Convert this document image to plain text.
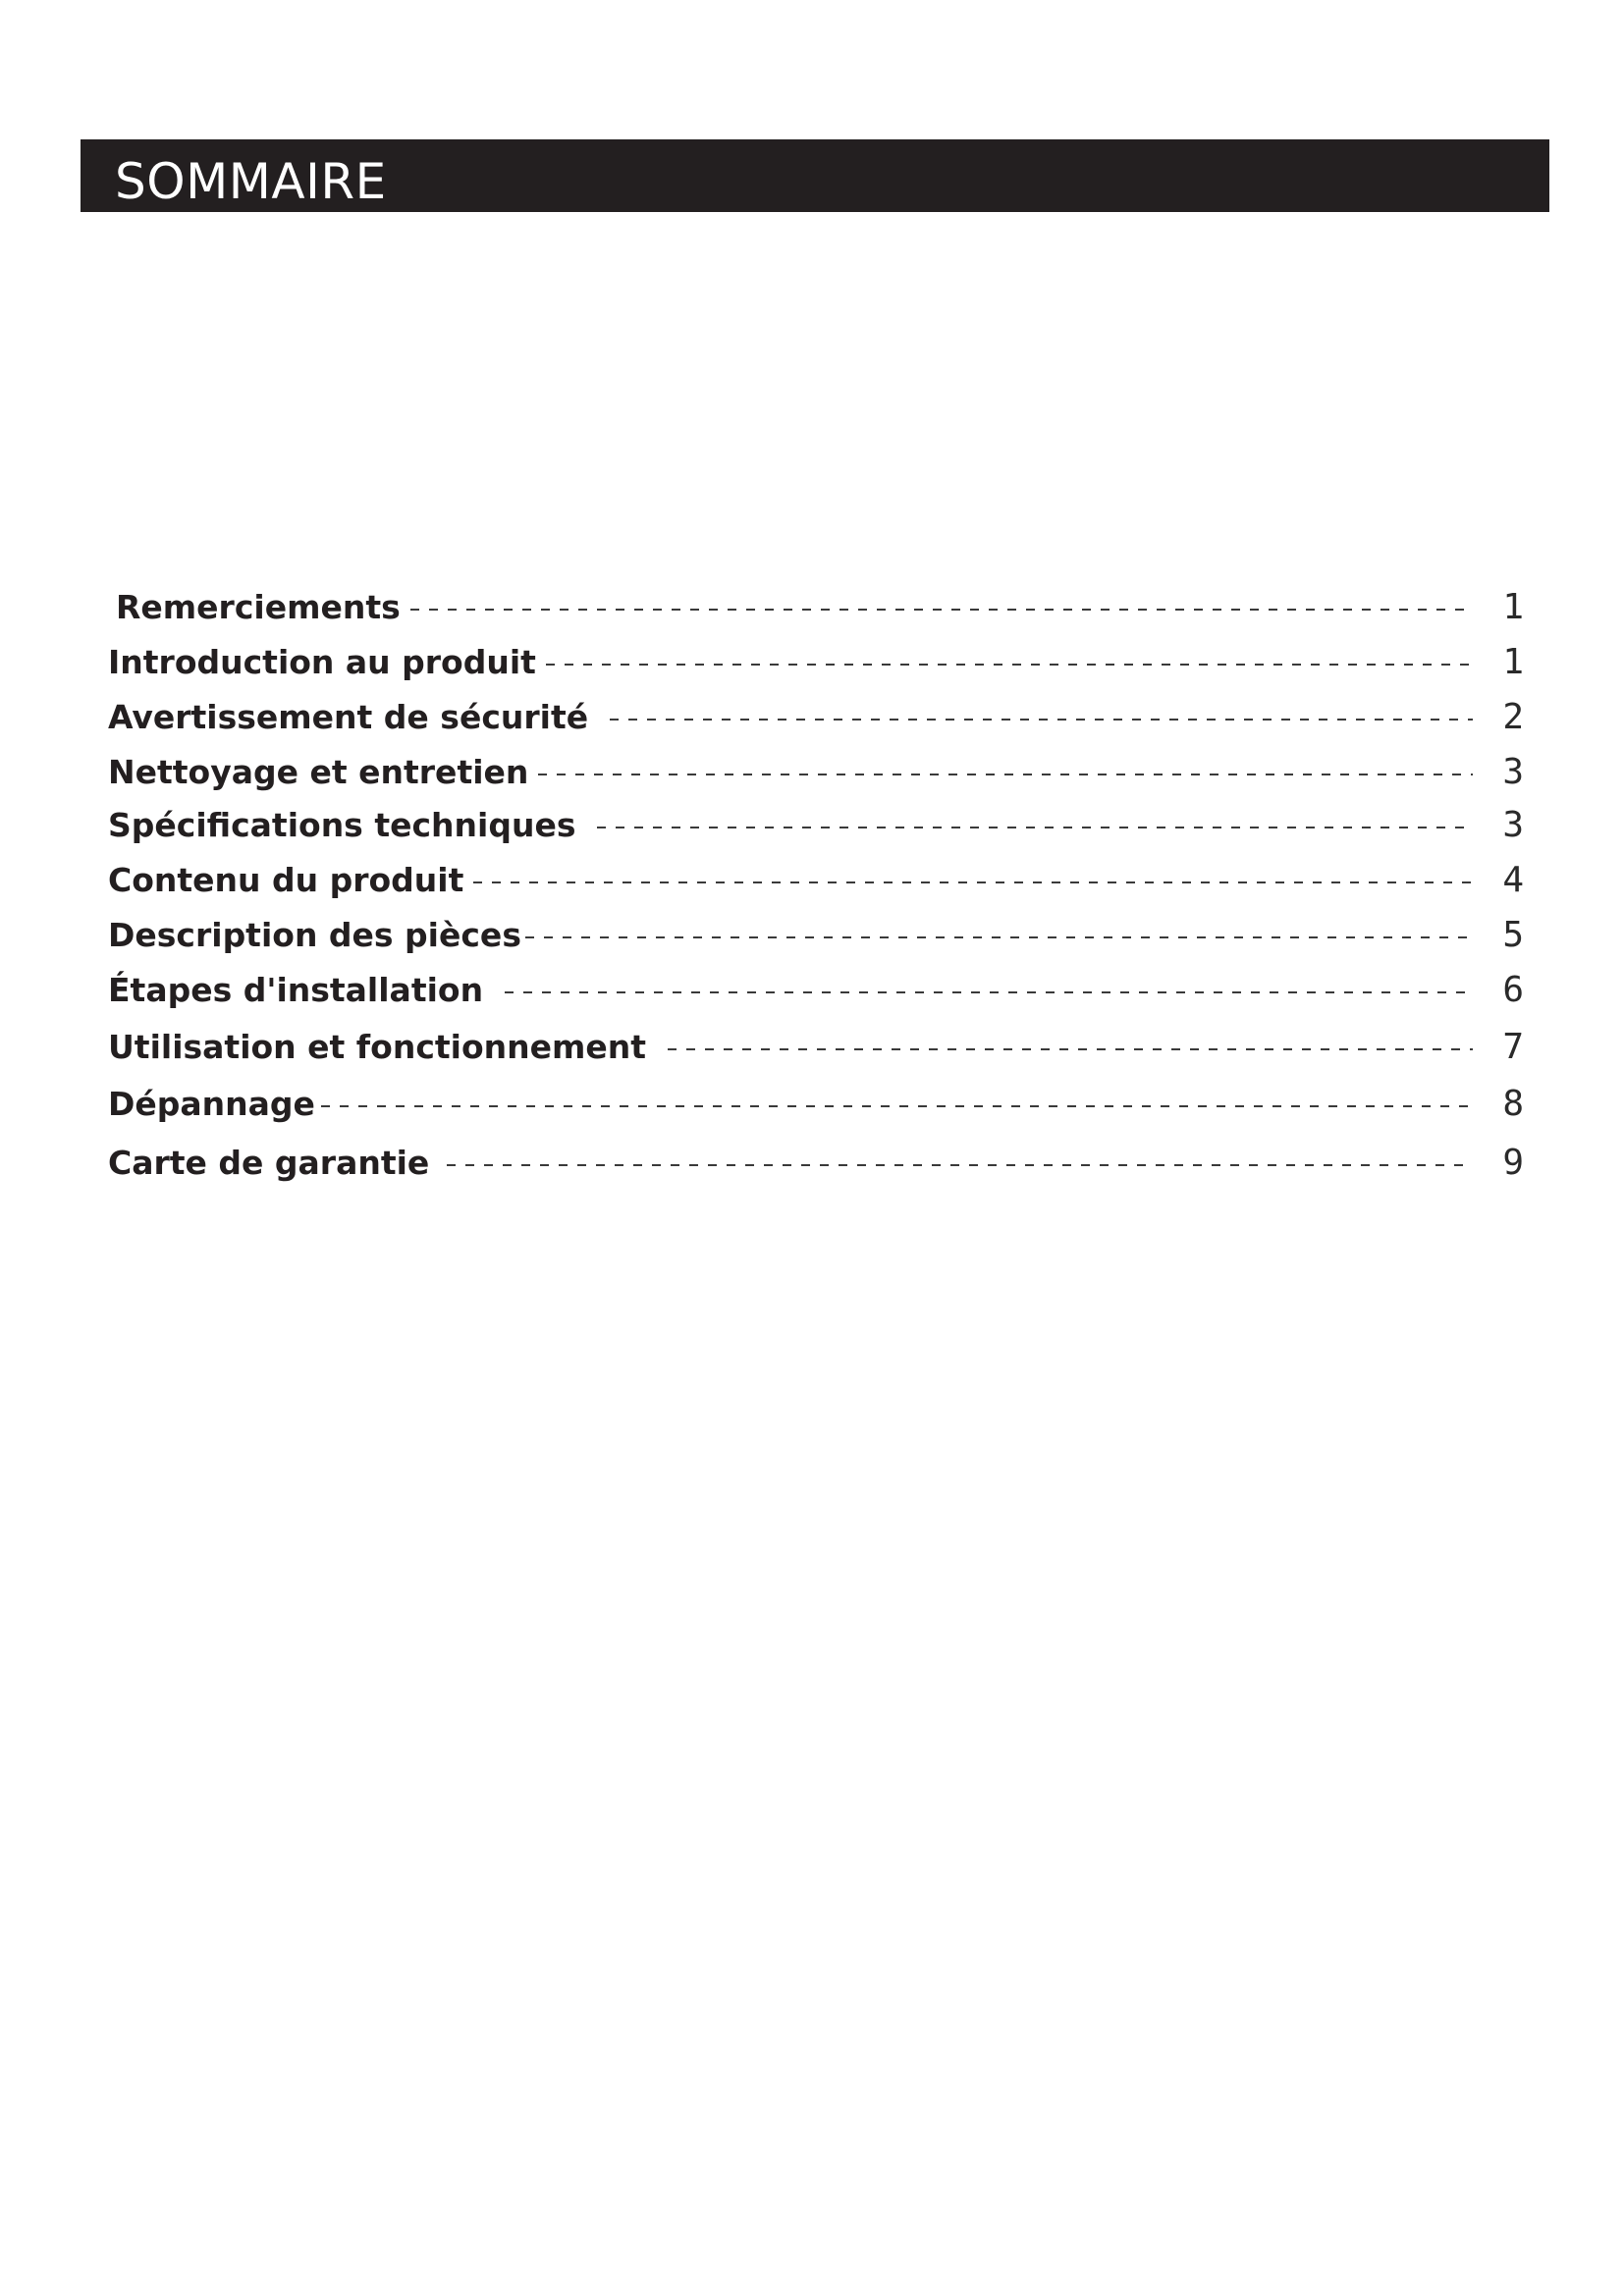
SOMMAIRE
Remerciements	1
Introduction au produit	1
Avertissement de sécurité	2
Nettoyage et entretien	3
Spécifications techniques	3
Contenu du produit	4
Description des pièces	5
Étapes d'installation	6
Utilisation et fonctionnement	7
Dépannage	8
Carte de garantie	9
